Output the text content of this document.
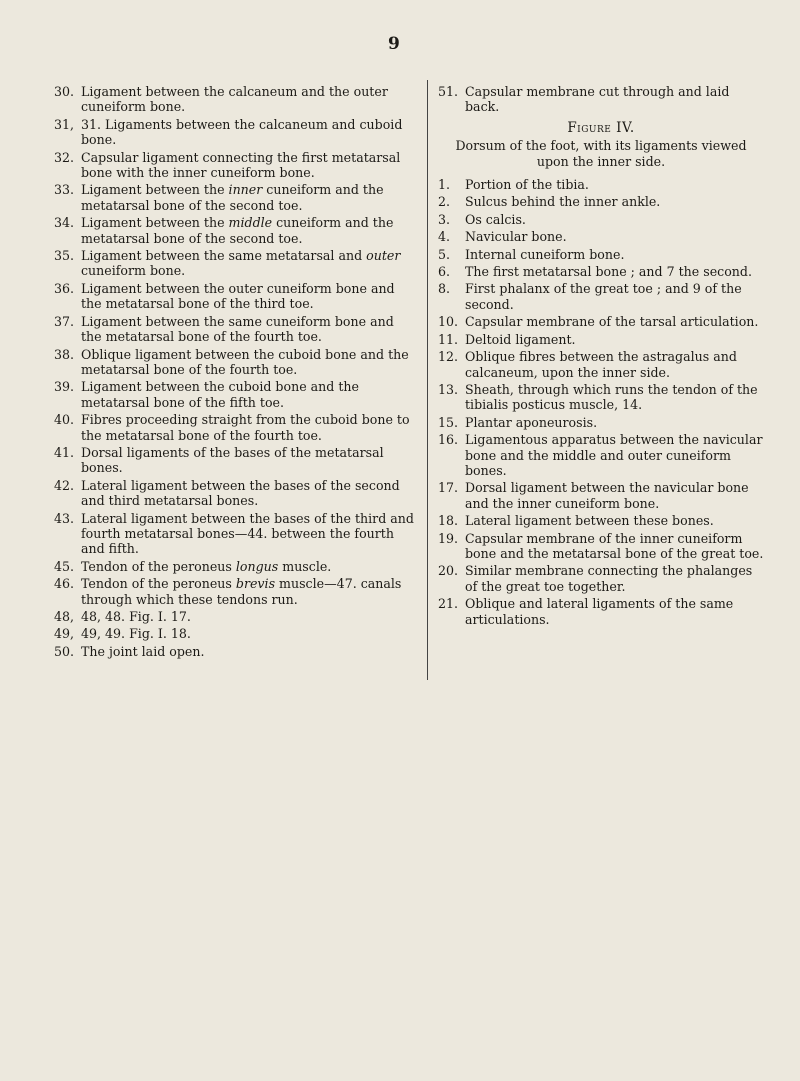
9
30. Ligament between the calcaneum and the outer cuneiform bone.
31, 31. Ligaments between the calcaneum and cuboid bone.
32. Capsular ligament connecting the first metatarsal bone with the inner cuneiform bone.
33. Ligament between the inner cuneiform and the metatarsal bone of the second toe.
34. Ligament between the middle cuneiform and the metatarsal bone of the second toe.
35. Ligament between the same metatarsal and outer cuneiform bone.
36. Ligament between the outer cuneiform bone and the metatarsal bone of the third toe.
37. Ligament between the same cuneiform bone and the metatarsal bone of the fourth toe.
38. Oblique ligament between the cuboid bone and the metatarsal bone of the fourth toe.
39. Ligament between the cuboid bone and the metatarsal bone of the fifth toe.
40. Fibres proceeding straight from the cuboid bone to the metatarsal bone of the fourth toe.
41. Dorsal ligaments of the bases of the metatarsal bones.
42. Lateral ligament between the bases of the second and third metatarsal bones.
43. Lateral ligament between the bases of the third and fourth metatarsal bones—44. between the fourth and fifth.
45. Tendon of the peroneus longus muscle.
46. Tendon of the peroneus brevis muscle—47. canals through which these tendons run.
48, 48, 48. Fig. I. 17.
49, 49, 49. Fig. I. 18.
50. The joint laid open.
51. Capsular membrane cut through and laid back.
Figure IV.
Dorsum of the foot, with its ligaments viewed upon the inner side.
1.	Portion of the tibia.
2.	Sulcus behind the inner ankle.
3.	Os calcis.
4.	Navicular bone.
5.	Internal cuneiform bone.
6.	The first metatarsal bone ; and 7 the second.
8.	First phalanx of the great toe ; and 9 of the second.
10. Capsular membrane of the tarsal articulation.
11. Deltoid ligament.
12. Oblique fibres between the astragalus and calcaneum, upon the inner side.
13. Sheath, through which runs the tendon of the tibialis posticus muscle, 14.
15. Plantar aponeurosis.
16. Ligamentous apparatus between the navicular bone and the middle and outer cuneiform bones.
17. Dorsal ligament between the navicular bone and the inner cuneiform bone.
18. Lateral ligament between these bones.
19. Capsular membrane of the inner cuneiform bone and the metatarsal bone of the great toe.
20. Similar membrane connecting the phalanges of the great toe together.
21. Oblique and lateral ligaments of the same articulations.
